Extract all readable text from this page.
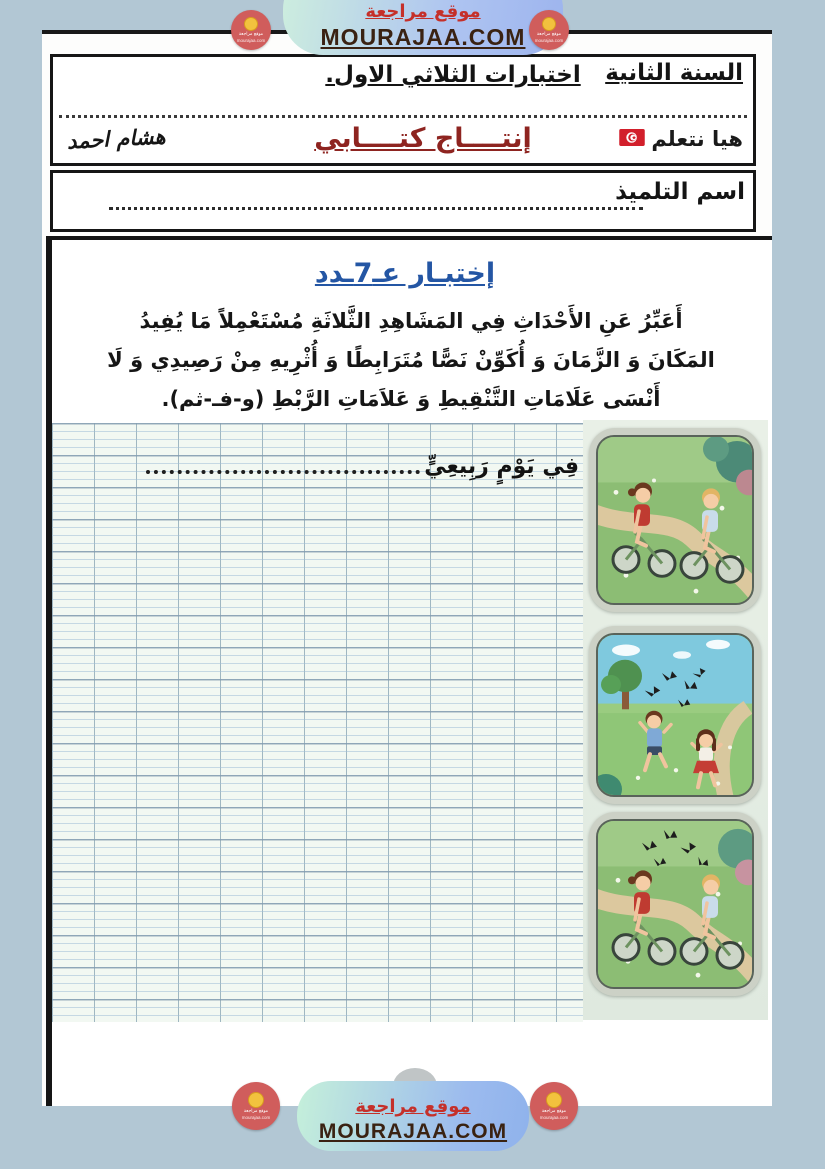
اختبارات الثلاثي الاول. السنة الثانية
هيا نتعلم
إنتــــاج كتــــابي
هشام احمد
اسم التلميذ
إختبـار عـ7ـدد
أَعَبِّرُ عَنِ الأَحْدَاثِ فِي المَشَاهِدِ الثَّلاثَةِ مُسْتَعْمِلاً مَا يُفِيدُ
المَكَانَ وَ الزَّمَانَ وَ أُكَوِّنْ نَصًّا مُتَرَابِطًا وَ أُثْرِيهِ مِنْ رَصِيدِي وَ لَا
أَنْسَى عَلَامَاتِ التَّنْقِيطِ وَ عَلاَمَاتِ الرَّبْطِ (و-فـ-ثم).
فِي يَوْمٍ رَبِيعِيٍّ
موقع مراجعة
MOURAJAA.COM
موقع مراجعة
mourajaa.com
موقع مراجعة
mourajaa.com
موقع مراجعة
MOURAJAA.COM
موقع مراجعة
mourajaa.com
موقع مراجعة
mourajaa.com
